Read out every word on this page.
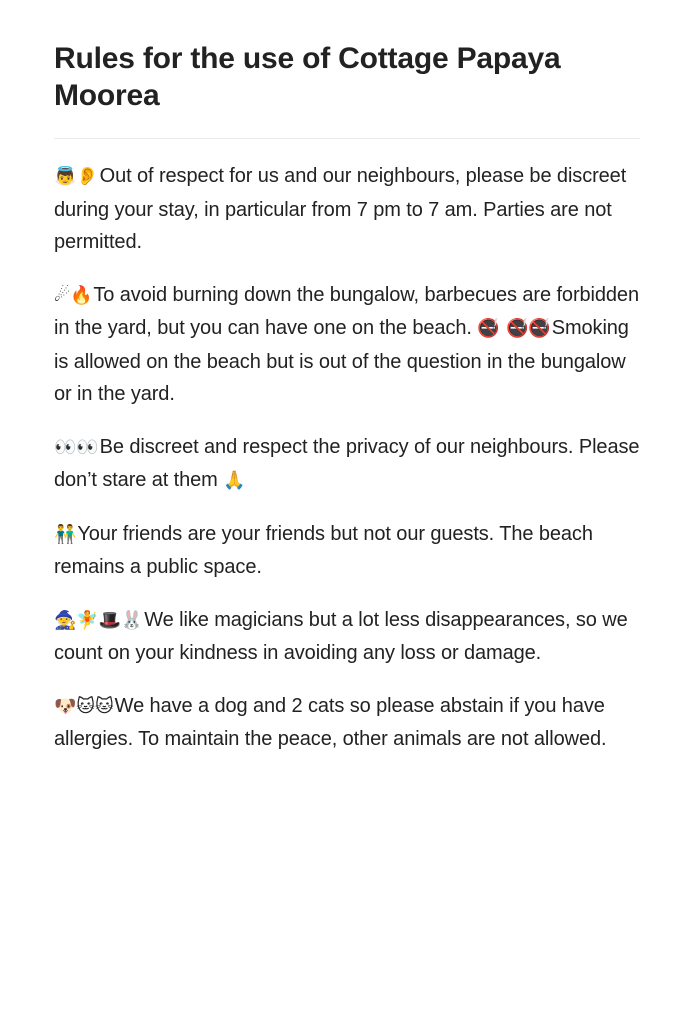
Rules for the use of Cottage Papaya Moorea

👼👂Out of respect for us and our neighbours, please be discreet during your stay, in particular from 7 pm to 7 am. Parties are not permitted.

☄🔥To avoid burning down the bungalow, barbecues are forbidden in the yard, but you can have one on the beach. 🚭 🚭🚭Smoking is allowed on the beach but is out of the question in the bungalow or in the yard.

👀👀Be discreet and respect the privacy of our neighbours. Please don’t stare at them 🙏

👬Your friends are your friends but not our guests. The beach remains a public space.

🧙🧚🎩🐰We like magicians but a lot less disappearances, so we count on your kindness in avoiding any loss or damage.

🐶🐱🐱We have a dog and 2 cats so please abstain if you have allergies. To maintain the peace, other animals are not allowed.
